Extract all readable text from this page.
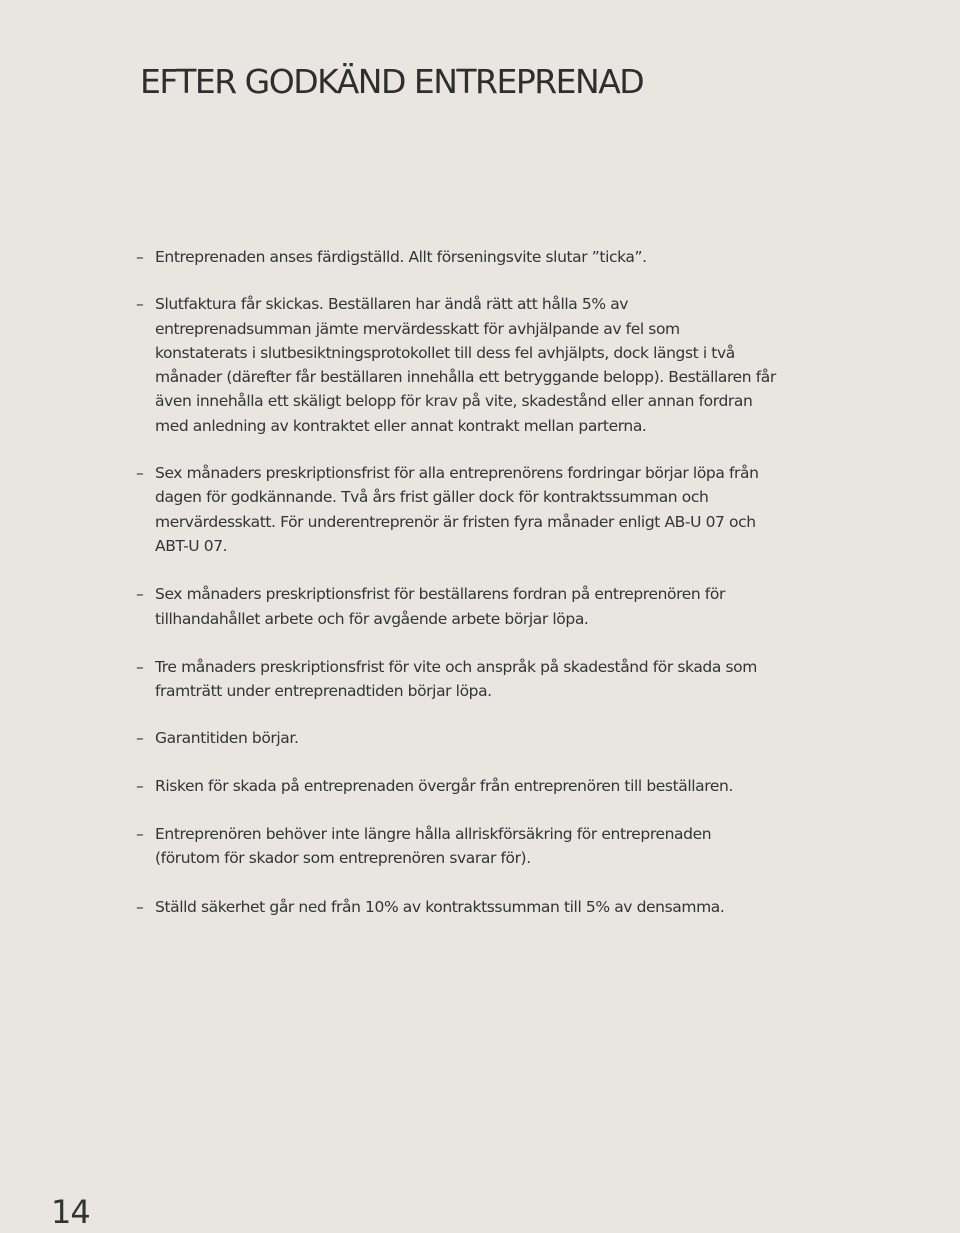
EFTER GODKÄND ENTREPRENAD
– Entreprenaden anses färdigställd. Allt förseningsvite slutar ”ticka”.
– Slutfaktura får skickas. Beställaren har ändå rätt att hålla 5% av entreprenadsumman jämte mervärdesskatt för avhjälpande av fel som konstaterats i slutbesiktningsprotokollet till dess fel avhjälpts, dock längst i två månader (därefter får beställaren innehålla ett betryggande belopp). Beställaren får även innehålla ett skäligt belopp för krav på vite, skadestånd eller annan fordran med anledning av kontraktet eller annat kontrakt mellan parterna.
– Sex månaders preskriptionsfrist för alla entreprenörens fordringar börjar löpa från dagen för godkännande. Två års frist gäller dock för kontraktssumman och mervärdesskatt. För underentreprenör är fristen fyra månader enligt AB-U 07 och ABT-U 07.
– Sex månaders preskriptionsfrist för beställarens fordran på entreprenören för tillhandahållet arbete och för avgående arbete börjar löpa.
– Tre månaders preskriptionsfrist för vite och anspråk på skadestånd för skada som framträtt under entreprenadtiden börjar löpa.
– Garantitiden börjar.
– Risken för skada på entreprenaden övergår från entreprenören till beställaren.
– Entreprenören behöver inte längre hålla allriskförsäkring för entreprenaden (förutom för skador som entreprenören svarar för).
– Ställd säkerhet går ned från 10% av kontraktssumman till 5% av densamma.
14
